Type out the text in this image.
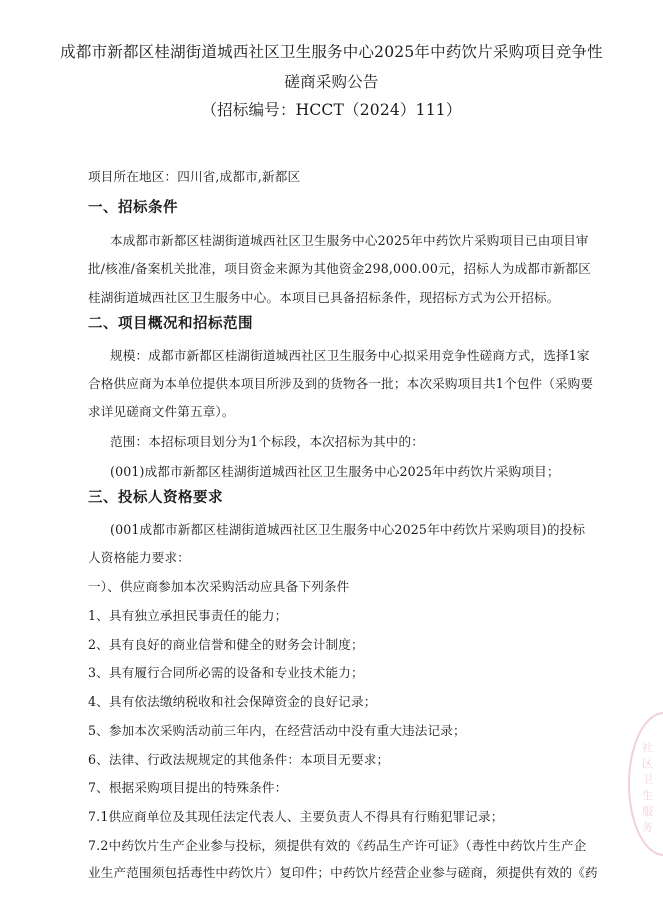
成都市新都区桂湖街道城西社区卫生服务中心2025年中药饮片采购项目竞争性
磋商采购公告
（招标编号：HCCT（2024）111）
项目所在地区：四川省,成都市,新都区
一、招标条件
本成都市新都区桂湖街道城西社区卫生服务中心2025年中药饮片采购项目已由项目审
批/核准/备案机关批准，项目资金来源为其他资金298,000.00元，招标人为成都市新都区
桂湖街道城西社区卫生服务中心。本项目已具备招标条件，现招标方式为公开招标。
二、项目概况和招标范围
规模：成都市新都区桂湖街道城西社区卫生服务中心拟采用竞争性磋商方式，选择1家
合格供应商为本单位提供本项目所涉及到的货物各一批；本次采购项目共1个包件（采购要
求详见磋商文件第五章）。
范围：本招标项目划分为1个标段，本次招标为其中的：
(001)成都市新都区桂湖街道城西社区卫生服务中心2025年中药饮片采购项目；
三、投标人资格要求
(001成都市新都区桂湖街道城西社区卫生服务中心2025年中药饮片采购项目)的投标
人资格能力要求：
一）、供应商参加本次采购活动应具备下列条件
1、具有独立承担民事责任的能力；
2、具有良好的商业信誉和健全的财务会计制度；
3、具有履行合同所必需的设备和专业技术能力；
4、具有依法缴纳税收和社会保障资金的良好记录；
5、参加本次采购活动前三年内，在经营活动中没有重大违法记录；
6、法律、行政法规规定的其他条件：本项目无要求；
7、根据采购项目提出的特殊条件：
7.1供应商单位及其现任法定代表人、主要负责人不得具有行贿犯罪记录；
7.2中药饮片生产企业参与投标，须提供有效的《药品生产许可证》（毒性中药饮片生产企
业生产范围须包括毒性中药饮片）复印件；中药饮片经营企业参与磋商，须提供有效的《药
社区卫生服务
